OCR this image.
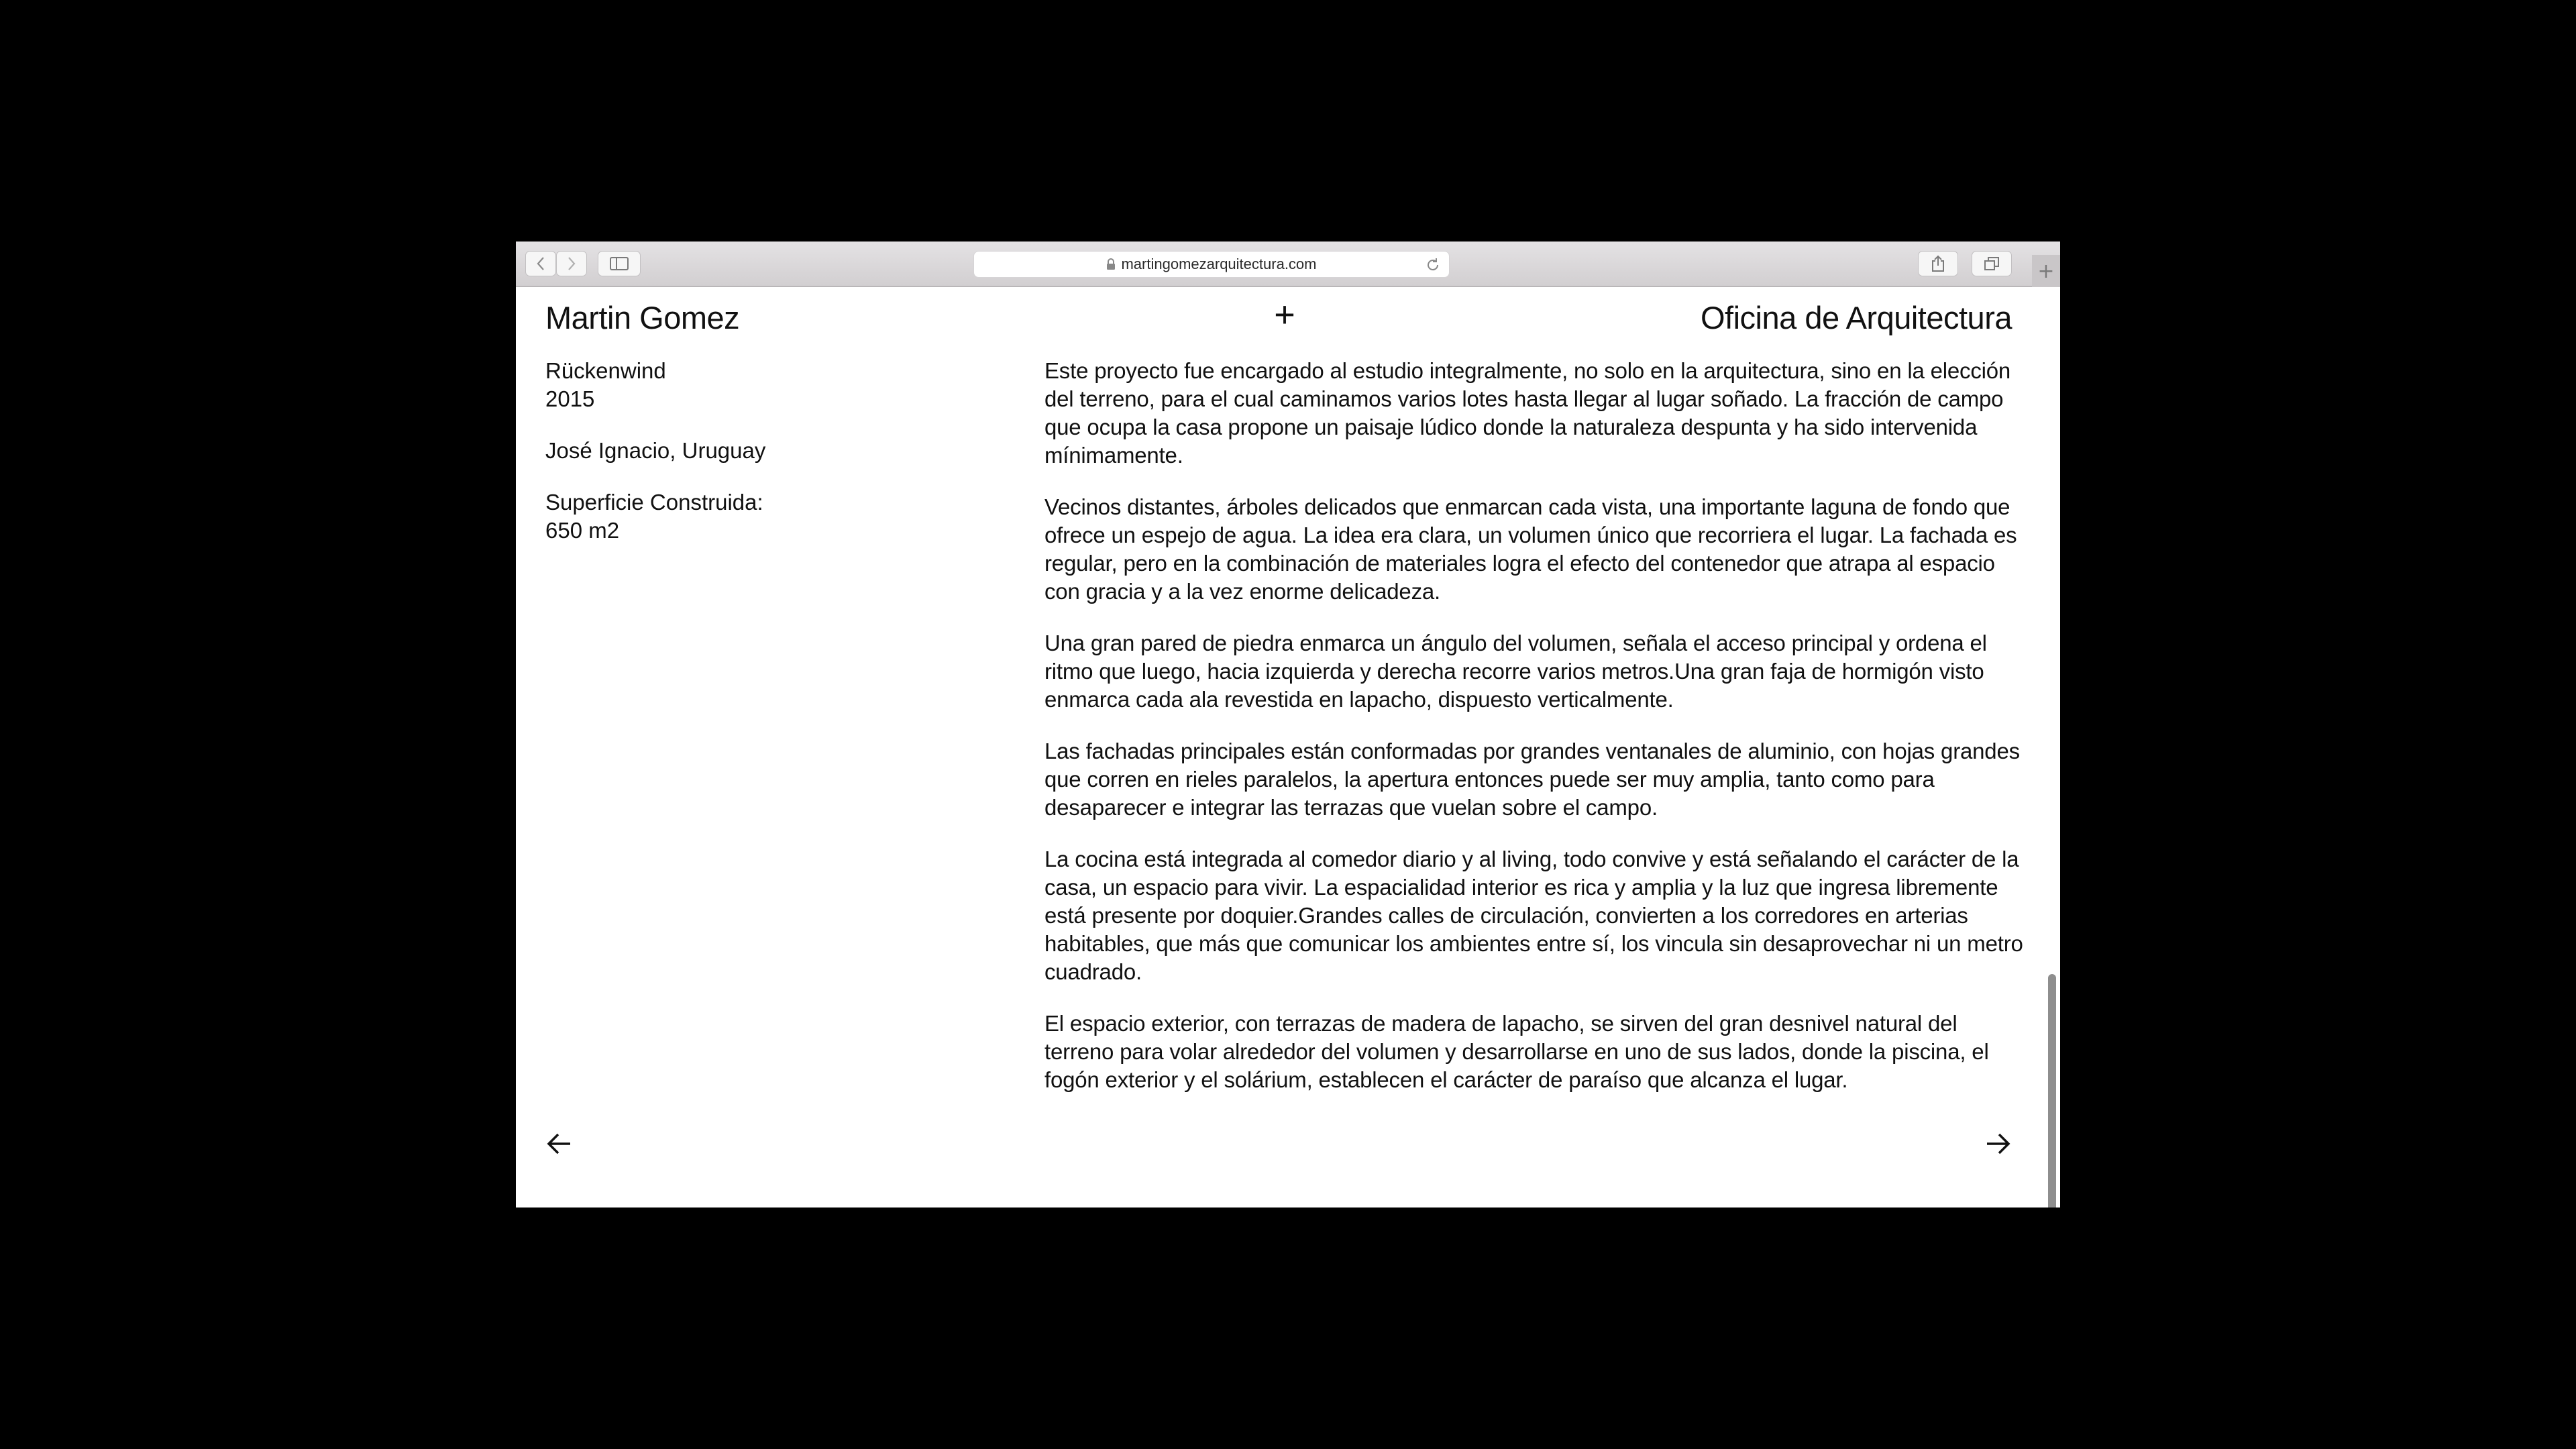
martingomezarquitectura.com	+
Martin Gomez	+	Oficina de Arquitectura

Rückenwind
2015

José Ignacio, Uruguay

Superficie Construida:
650 m2

Este proyecto fue encargado al estudio integralmente, no solo en la arquitectura, sino en la elección del terreno, para el cual caminamos varios lotes hasta llegar al lugar soñado. La fracción de campo que ocupa la casa propone un paisaje lúdico donde la naturaleza despunta y ha sido intervenida mínimamente.

Vecinos distantes, árboles delicados que enmarcan cada vista, una importante laguna de fondo que ofrece un espejo de agua. La idea era clara, un volumen único que recorriera el lugar. La fachada es regular, pero en la combinación de materiales logra el efecto del contenedor que atrapa al espacio con gracia y a la vez enorme delicadeza.

Una gran pared de piedra enmarca un ángulo del volumen, señala el acceso principal y ordena el ritmo que luego, hacia izquierda y derecha recorre varios metros.Una gran faja de hormigón visto enmarca cada ala revestida en lapacho, dispuesto verticalmente.

Las fachadas principales están conformadas por grandes ventanales de aluminio, con hojas grandes que corren en rieles paralelos, la apertura entonces puede ser muy amplia, tanto como para desaparecer e integrar las terrazas que vuelan sobre el campo.

La cocina está integrada al comedor diario y al living, todo convive y está señalando el carácter de la casa, un espacio para vivir. La espacialidad interior es rica y amplia y la luz que ingresa libremente está presente por doquier.Grandes calles de circulación, convierten a los corredores en arterias habitables, que más que comunicar los ambientes entre sí, los vincula sin desaprovechar ni un metro cuadrado.

El espacio exterior, con terrazas de madera de lapacho, se sirven del gran desnivel natural del terreno para volar alrededor del volumen y desarrollarse en uno de sus lados, donde la piscina, el fogón exterior y el solárium, establecen el carácter de paraíso que alcanza el lugar.
